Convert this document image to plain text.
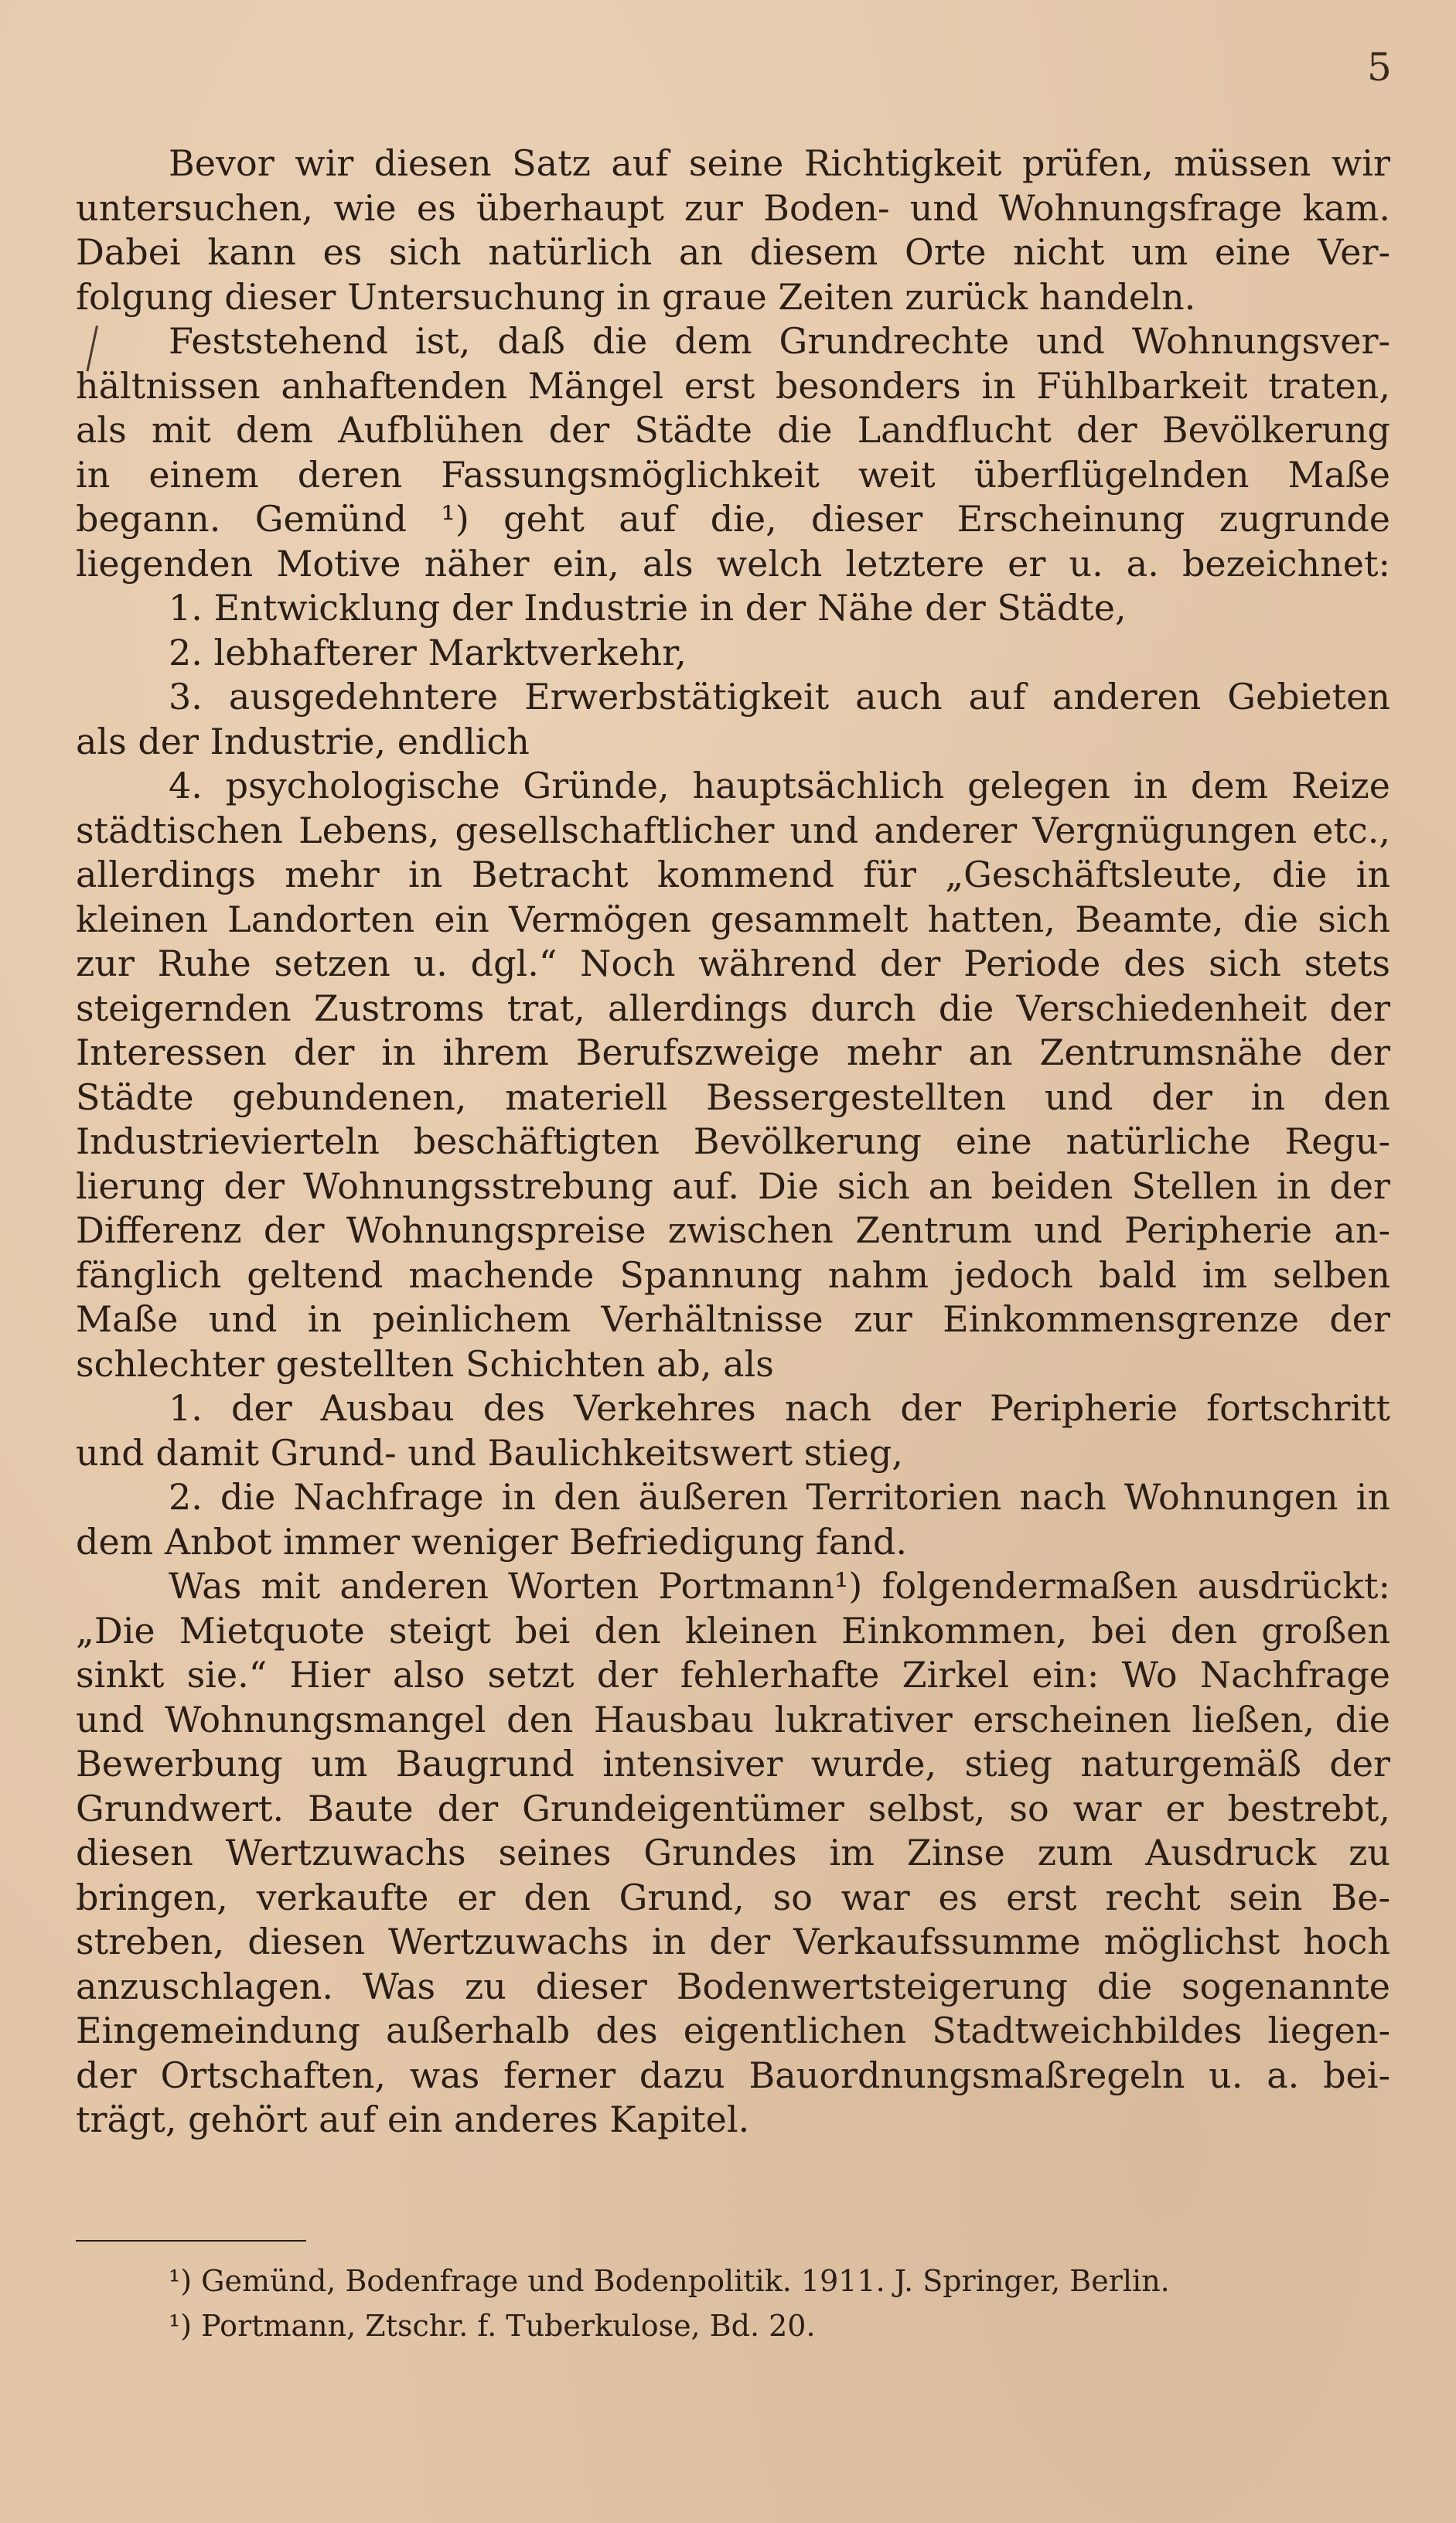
5
Bevor wir diesen Satz auf seine Richtigkeit prüfen, müssen wir
untersuchen, wie es überhaupt zur Boden- und Wohnungsfrage kam.
Dabei kann es sich natürlich an diesem Orte nicht um eine Ver-
folgung dieser Untersuchung in graue Zeiten zurück handeln.
Feststehend ist, daß die dem Grundrechte und Wohnungsver-
hältnissen anhaftenden Mängel erst besonders in Fühlbarkeit traten,
als mit dem Aufblühen der Städte die Landflucht der Bevölkerung
in einem deren Fassungsmöglichkeit weit überflügelnden Maße
begann. Gemünd ¹) geht auf die, dieser Erscheinung zugrunde
liegenden Motive näher ein, als welch letztere er u. a. bezeichnet:
1. Entwicklung der Industrie in der Nähe der Städte,
2. lebhafterer Marktverkehr,
3. ausgedehntere Erwerbstätigkeit auch auf anderen Gebieten
als der Industrie, endlich
4. psychologische Gründe, hauptsächlich gelegen in dem Reize
städtischen Lebens, gesellschaftlicher und anderer Vergnügungen etc.,
allerdings mehr in Betracht kommend für „Geschäftsleute, die in
kleinen Landorten ein Vermögen gesammelt hatten, Beamte, die sich
zur Ruhe setzen u. dgl.“ Noch während der Periode des sich stets
steigernden Zustroms trat, allerdings durch die Verschiedenheit der
Interessen der in ihrem Berufszweige mehr an Zentrumsnähe der
Städte gebundenen, materiell Bessergestellten und der in den
Industrievierteln beschäftigten Bevölkerung eine natürliche Regu-
lierung der Wohnungsstrebung auf. Die sich an beiden Stellen in der
Differenz der Wohnungspreise zwischen Zentrum und Peripherie an-
fänglich geltend machende Spannung nahm jedoch bald im selben
Maße und in peinlichem Verhältnisse zur Einkommensgrenze der
schlechter gestellten Schichten ab, als
1. der Ausbau des Verkehres nach der Peripherie fortschritt
und damit Grund- und Baulichkeitswert stieg,
2. die Nachfrage in den äußeren Territorien nach Wohnungen in
dem Anbot immer weniger Befriedigung fand.
Was mit anderen Worten Portmann¹) folgendermaßen ausdrückt:
„Die Mietquote steigt bei den kleinen Einkommen, bei den großen
sinkt sie.“ Hier also setzt der fehlerhafte Zirkel ein: Wo Nachfrage
und Wohnungsmangel den Hausbau lukrativer erscheinen ließen, die
Bewerbung um Baugrund intensiver wurde, stieg naturgemäß der
Grundwert. Baute der Grundeigentümer selbst, so war er bestrebt,
diesen Wertzuwachs seines Grundes im Zinse zum Ausdruck zu
bringen, verkaufte er den Grund, so war es erst recht sein Be-
streben, diesen Wertzuwachs in der Verkaufssumme möglichst hoch
anzuschlagen. Was zu dieser Bodenwertsteigerung die sogenannte
Eingemeindung außerhalb des eigentlichen Stadtweichbildes liegen-
der Ortschaften, was ferner dazu Bauordnungsmaßregeln u. a. bei-
trägt, gehört auf ein anderes Kapitel.
¹) Gemünd, Bodenfrage und Bodenpolitik. 1911. J. Springer, Berlin.
¹) Portmann, Ztschr. f. Tuberkulose, Bd. 20.
